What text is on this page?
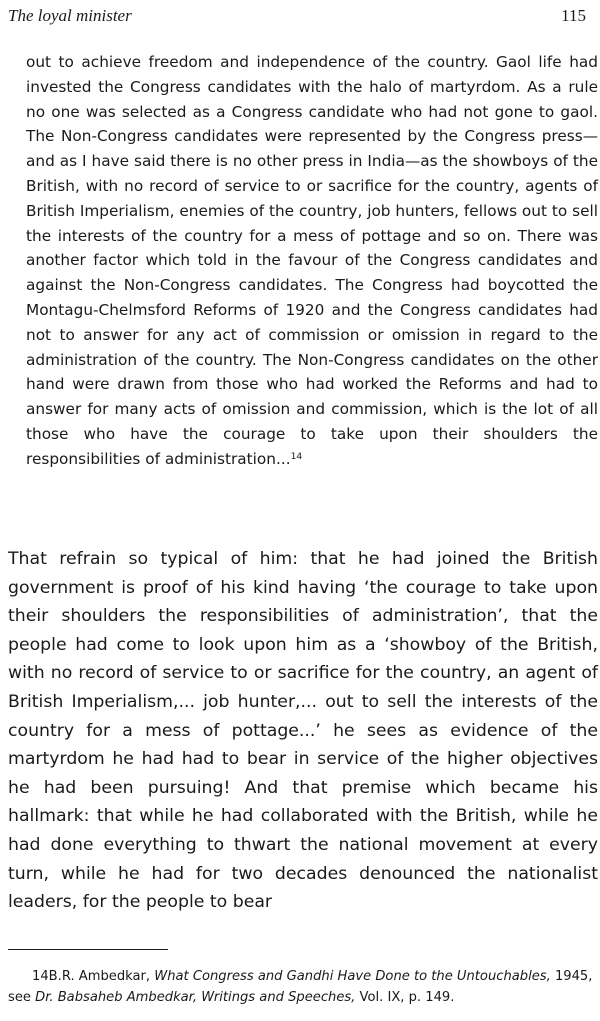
The loyal minister	115

out to achieve freedom and independence of the country. Gaol life had invested the Congress candidates with the halo of martyrdom. As a rule no one was selected as a Congress candidate who had not gone to gaol. The Non-Congress candidates were represented by the Congress press—and as I have said there is no other press in India—as the showboys of the British, with no record of service to or sacrifice for the country, agents of British Imperialism, enemies of the country, job hunters, fellows out to sell the interests of the country for a mess of pottage and so on. There was another factor which told in the favour of the Congress candidates and against the Non-Congress candidates. The Congress had boycotted the Montagu-Chelmsford Reforms of 1920 and the Congress candidates had not to answer for any act of commission or omission in regard to the administration of the country. The Non-Congress candidates on the other hand were drawn from those who had worked the Reforms and had to answer for many acts of omission and commission, which is the lot of all those who have the courage to take upon their shoulders the responsibilities of administration...$^{14}$

That refrain so typical of him: that he had joined the British government is proof of his kind having ‘the courage to take upon their shoulders the responsibilities of administration’, that the people had come to look upon him as a ‘showboy of the British, with no record of service to or sacrifice for the country, an agent of British Imperialism,... job hunter,... out to sell the interests of the country for a mess of pottage...’ he sees as evidence of the martyrdom he had had to bear in service of the higher objectives he had been pursuing! And that premise which became his hallmark: that while he had collaborated with the British, while he had done everything to thwart the national movement at every turn, while he had for two decades denounced the nationalist leaders, for the people to bear

14B.R. Ambedkar, What Congress and Gandhi Have Done to the Untouchables, 1945, see Dr. Babsaheb Ambedkar, Writings and Speeches, Vol. IX, p. 149.
